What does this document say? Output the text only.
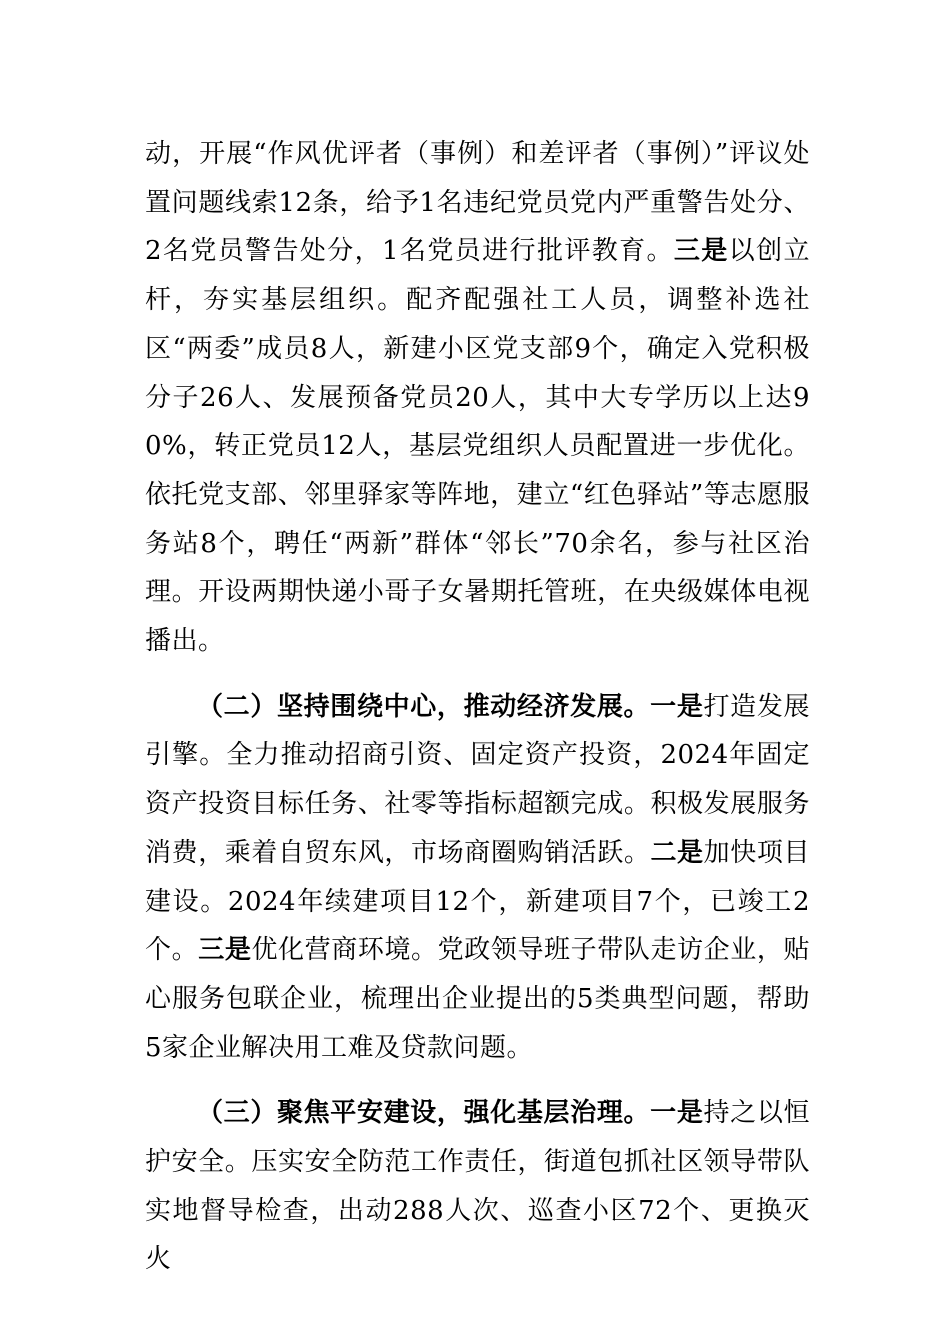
动，开展“作风优评者（事例）和差评者（事例）”评议处置问题线索12条，给予1名违纪党员党内严重警告处分、2名党员警告处分，1名党员进行批评教育。三是以创立杆，夯实基层组织。配齐配强社工人员，调整补选社区“两委”成员8人，新建小区党支部9个，确定入党积极分子26人、发展预备党员20人，其中大专学历以上达90%，转正党员12人，基层党组织人员配置进一步优化。依托党支部、邻里驿家等阵地，建立“红色驿站”等志愿服务站8个，聘任“两新”群体“邻长”70余名，参与社区治理。开设两期快递小哥子女暑期托管班，在央级媒体电视播出。

（二）坚持围绕中心，推动经济发展。一是打造发展引擎。全力推动招商引资、固定资产投资，2024年固定资产投资目标任务、社零等指标超额完成。积极发展服务消费，乘着自贸东风，市场商圈购销活跃。二是加快项目建设。2024年续建项目12个，新建项目7个，已竣工2个。三是优化营商环境。党政领导班子带队走访企业，贴心服务包联企业，梳理出企业提出的5类典型问题，帮助5家企业解决用工难及贷款问题。

（三）聚焦平安建设，强化基层治理。一是持之以恒护安全。压实安全防范工作责任，街道包抓社区领导带队实地督导检查，出动288人次、巡查小区72个、更换灭火
